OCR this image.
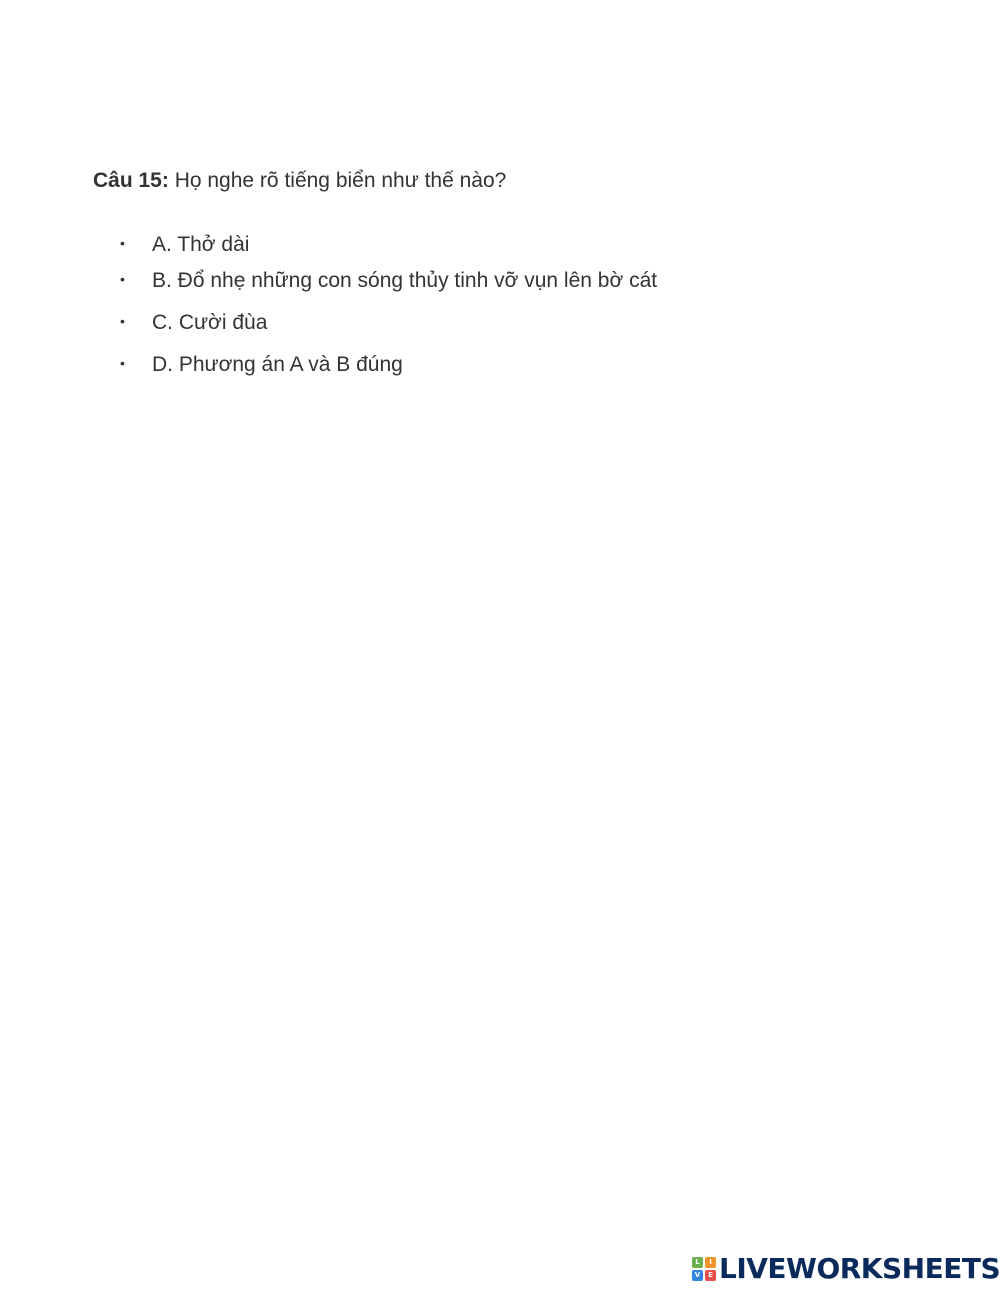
Câu 15: Họ nghe rõ tiếng biển như thế nào?
• A. Thở dài
• B. Đổ nhẹ những con sóng thủy tinh vỡ vụn lên bờ cát
• C. Cười đùa
• D. Phương án A và B đúng
L	I
V	E LIVEWORKSHEETS
